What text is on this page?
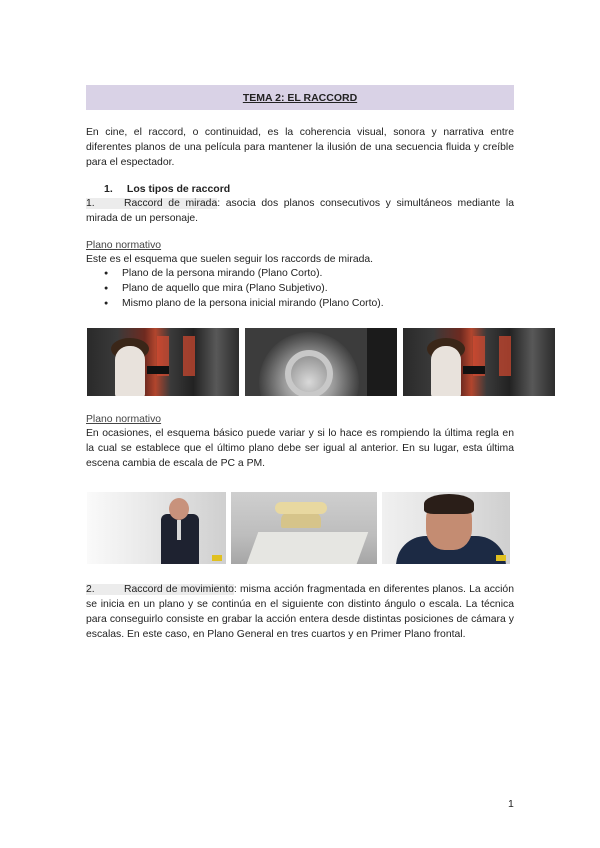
TEMA 2: EL RACCORD

En cine, el raccord, o continuidad, es la coherencia visual, sonora y narrativa entre diferentes planos de una película para mantener la ilusión de una secuencia fluida y creíble para el espectador.

1. Los tipos de raccord

1.	Raccord de mirada: asocia dos planos consecutivos y simultáneos mediante la mirada de un personaje.

Plano normativo

Este es el esquema que suelen seguir los raccords de mirada.

● Plano de la persona mirando (Plano Corto).
● Plano de aquello que mira (Plano Subjetivo).
● Mismo plano de la persona inicial mirando (Plano Corto).
Plano normativo

En ocasiones, el esquema básico puede variar y si lo hace es rompiendo la última regla en la cual se establece que el último plano debe ser igual al anterior. En su lugar, esta última escena cambia de escala de PC a PM.

2.	Raccord de movimiento: misma acción fragmentada en diferentes planos. La acción se inicia en un plano y se continúa en el siguiente con distinto ángulo o escala. La técnica para conseguirlo consiste en grabar la acción entera desde distintas posiciones de cámara y escalas. En este caso, en Plano General en tres cuartos y en Primer Plano frontal.

1
